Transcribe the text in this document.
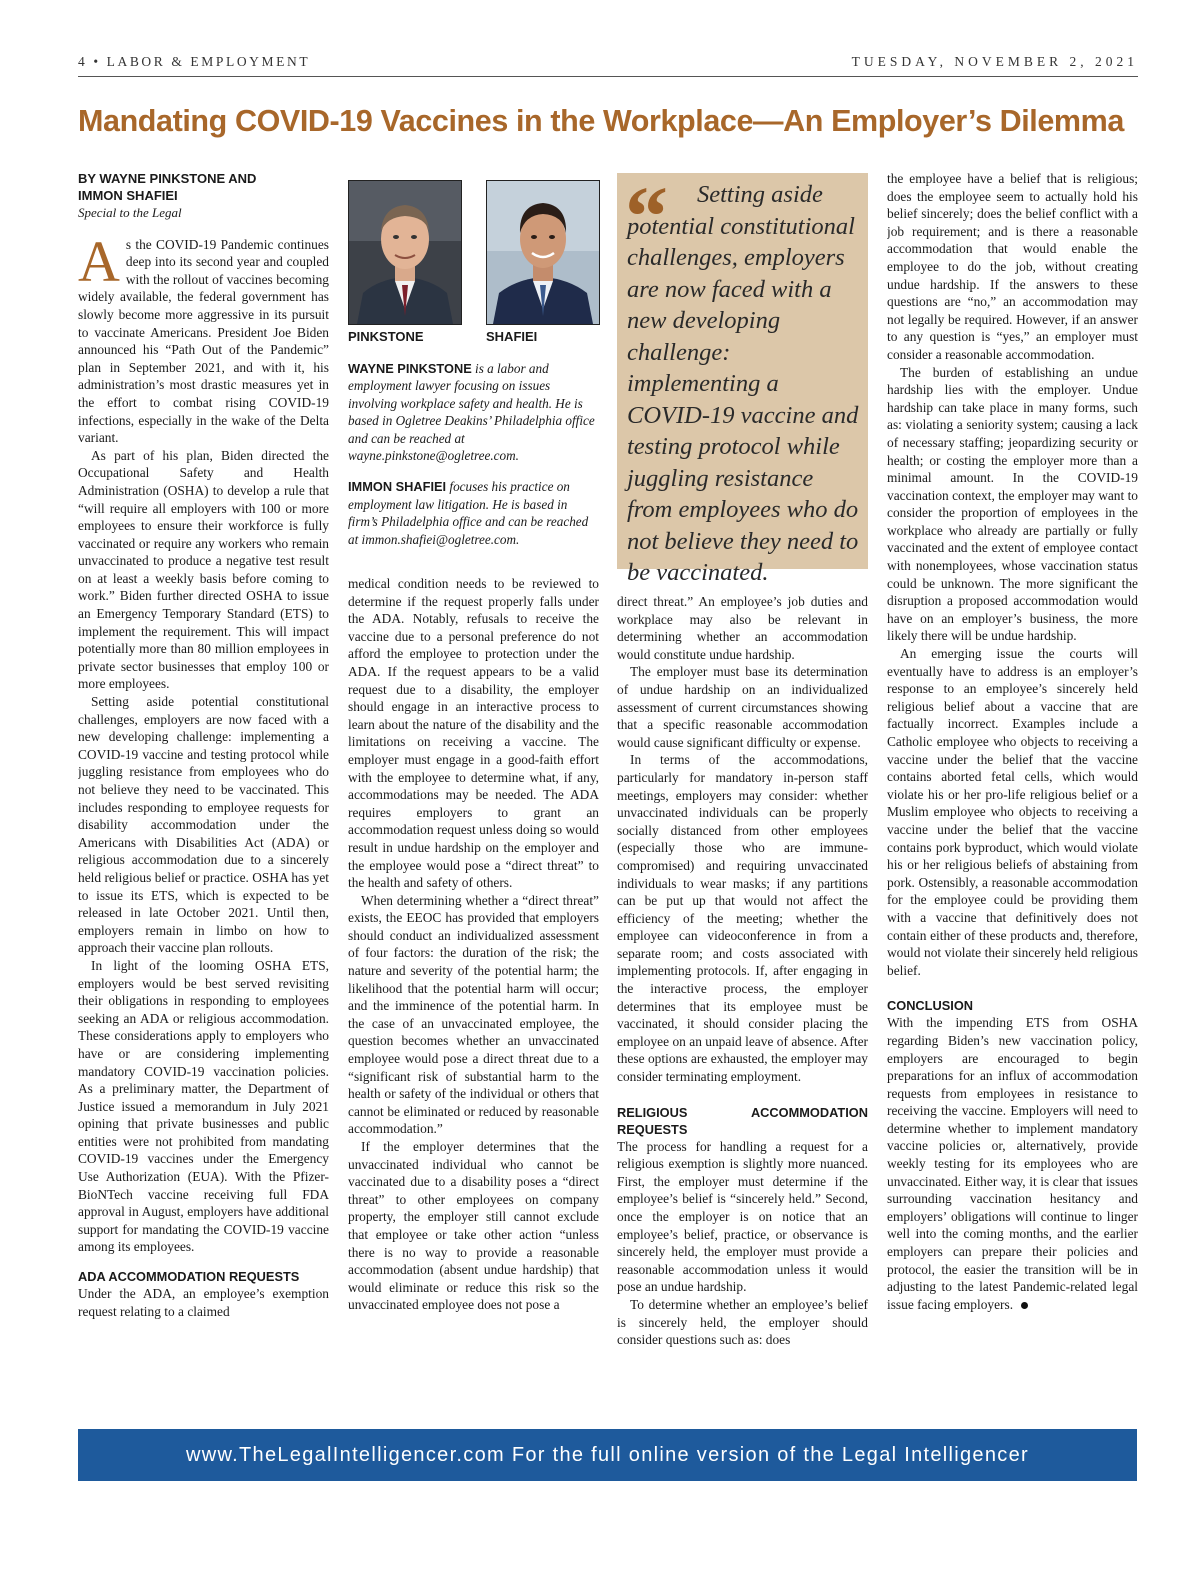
4 • LABOR & EMPLOYMENT	TUESDAY, NOVEMBER 2, 2021
Mandating COVID-19 Vaccines in the Workplace—An Employer’s Dilemma
BY WAYNE PINKSTONE AND
IMMON SHAFIEI
Special to the Legal

As the COVID-19 Pandemic continues deep into its second year and coupled with the rollout of vaccines becoming widely available, the federal government has slowly become more aggressive in its pursuit to vaccinate Americans. President Joe Biden announced his “Path Out of the Pandemic” plan in September 2021, and with it, his administration’s most drastic measures yet in the effort to combat rising COVID-19 infections, especially in the wake of the Delta variant.

As part of his plan, Biden directed the Occupational Safety and Health Administration (OSHA) to develop a rule that “will require all employers with 100 or more employees to ensure their workforce is fully vaccinated or require any workers who remain unvaccinated to produce a negative test result on at least a weekly basis before coming to work.” Biden further directed OSHA to issue an Emergency Temporary Standard (ETS) to implement the requirement. This will impact potentially more than 80 million employees in private sector businesses that employ 100 or more employees.

Setting aside potential constitutional challenges, employers are now faced with a new developing challenge: implementing a COVID-19 vaccine and testing protocol while juggling resistance from employees who do not believe they need to be vaccinated. This includes responding to employee requests for disability accommodation under the Americans with Disabilities Act (ADA) or religious accommodation due to a sincerely held religious belief or practice. OSHA has yet to issue its ETS, which is expected to be released in late October 2021. Until then, employers remain in limbo on how to approach their vaccine plan rollouts.

In light of the looming OSHA ETS, employers would be best served revisiting their obligations in responding to employees seeking an ADA or religious accommodation. These considerations apply to employers who have or are considering implementing mandatory COVID-19 vaccination policies. As a preliminary matter, the Department of Justice issued a memorandum in July 2021 opining that private businesses and public entities were not prohibited from mandating COVID-19 vaccines under the Emergency Use Authorization (EUA). With the Pfizer-BioNTech vaccine receiving full FDA approval in August, employers have additional support for mandating the COVID-19 vaccine among its employees.

ADA ACCOMMODATION REQUESTS

Under the ADA, an employee’s exemption request relating to a claimed

PINKSTONE	SHAFIEI

WAYNE PINKSTONE is a labor and employment lawyer focusing on issues involving workplace safety and health. He is based in Ogletree Deakins’ Philadelphia office and can be reached at wayne.pinkstone@ogletree.com.

IMMON SHAFIEI focuses his practice on employment law litigation. He is based in firm’s Philadelphia office and can be reached at immon.shafiei@ogletree.com.

“	Setting aside potential constitutional challenges, employers are now faced with a new developing challenge: implementing a COVID-19 vaccine and testing protocol while juggling resistance from employees who do not believe they need to be vaccinated.

medical condition needs to be reviewed to determine if the request properly falls under the ADA. Notably, refusals to receive the vaccine due to a personal preference do not afford the employee to protection under the ADA. If the request appears to be a valid request due to a disability, the employer should engage in an interactive process to learn about the nature of the disability and the limitations on receiving a vaccine. The employer must engage in a good-faith effort with the employee to determine what, if any, accommodations may be needed. The ADA requires employers to grant an accommodation request unless doing so would result in undue hardship on the employer and the employee would pose a “direct threat” to the health and safety of others.

When determining whether a “direct threat” exists, the EEOC has provided that employers should conduct an individualized assessment of four factors: the duration of the risk; the nature and severity of the potential harm; the likelihood that the potential harm will occur; and the imminence of the potential harm. In the case of an unvaccinated employee, the question becomes whether an unvaccinated employee would pose a direct threat due to a “significant risk of substantial harm to the health or safety of the individual or others that cannot be eliminated or reduced by reasonable accommodation.”

If the employer determines that the unvaccinated individual who cannot be vaccinated due to a disability poses a “direct threat” to other employees on company property, the employer still cannot exclude that employee or take other action “unless there is no way to provide a reasonable accommodation (absent undue hardship) that would eliminate or reduce this risk so the unvaccinated employee does not pose a

direct threat.” An employee’s job duties and workplace may also be relevant in determining whether an accommodation would constitute undue hardship.

The employer must base its determination of undue hardship on an individualized assessment of current circumstances showing that a specific reasonable accommodation would cause significant difficulty or expense.

In terms of the accommodations, particularly for mandatory in-person staff meetings, employers may consider: whether unvaccinated individuals can be properly socially distanced from other employees (especially those who are immune-compromised) and requiring unvaccinated individuals to wear masks; if any partitions can be put up that would not affect the efficiency of the meeting; whether the employee can videoconference in from a separate room; and costs associated with implementing protocols. If, after engaging in the interactive process, the employer determines that its employee must be vaccinated, it should consider placing the employee on an unpaid leave of absence. After these options are exhausted, the employer may consider terminating employment.

RELIGIOUS ACCOMMODATION REQUESTS

The process for handling a request for a religious exemption is slightly more nuanced. First, the employer must determine if the employee’s belief is “sincerely held.” Second, once the employer is on notice that an employee’s belief, practice, or observance is sincerely held, the employer must provide a reasonable accommodation unless it would pose an undue hardship.

To determine whether an employee’s belief is sincerely held, the employer should consider questions such as: does

the employee have a belief that is religious; does the employee seem to actually hold his belief sincerely; does the belief conflict with a job requirement; and is there a reasonable accommodation that would enable the employee to do the job, without creating undue hardship. If the answers to these questions are “no,” an accommodation may not legally be required. However, if an answer to any question is “yes,” an employer must consider a reasonable accommodation.

The burden of establishing an undue hardship lies with the employer. Undue hardship can take place in many forms, such as: violating a seniority system; causing a lack of necessary staffing; jeopardizing security or health; or costing the employer more than a minimal amount. In the COVID-19 vaccination context, the employer may want to consider the proportion of employees in the workplace who already are partially or fully vaccinated and the extent of employee contact with nonemployees, whose vaccination status could be unknown. The more significant the disruption a proposed accommodation would have on an employer’s business, the more likely there will be undue hardship.

An emerging issue the courts will eventually have to address is an employer’s response to an employee’s sincerely held religious belief about a vaccine that are factually incorrect. Examples include a Catholic employee who objects to receiving a vaccine under the belief that the vaccine contains aborted fetal cells, which would violate his or her pro-life religious belief or a Muslim employee who objects to receiving a vaccine under the belief that the vaccine contains pork byproduct, which would violate his or her religious beliefs of abstaining from pork. Ostensibly, a reasonable accommodation for the employee could be providing them with a vaccine that definitively does not contain either of these products and, therefore, would not violate their sincerely held religious belief.

CONCLUSION

With the impending ETS from OSHA regarding Biden’s new vaccination policy, employers are encouraged to begin preparations for an influx of accommodation requests from employees in resistance to receiving the vaccine. Employers will need to determine whether to implement mandatory vaccine policies or, alternatively, provide weekly testing for its employees who are unvaccinated. Either way, it is clear that issues surrounding vaccination hesitancy and employers’ obligations will continue to linger well into the coming months, and the earlier employers can prepare their policies and protocol, the easier the transition will be in adjusting to the latest Pandemic-related legal issue facing employers.

www.TheLegalIntelligencer.com For the full online version of the Legal Intelligencer
